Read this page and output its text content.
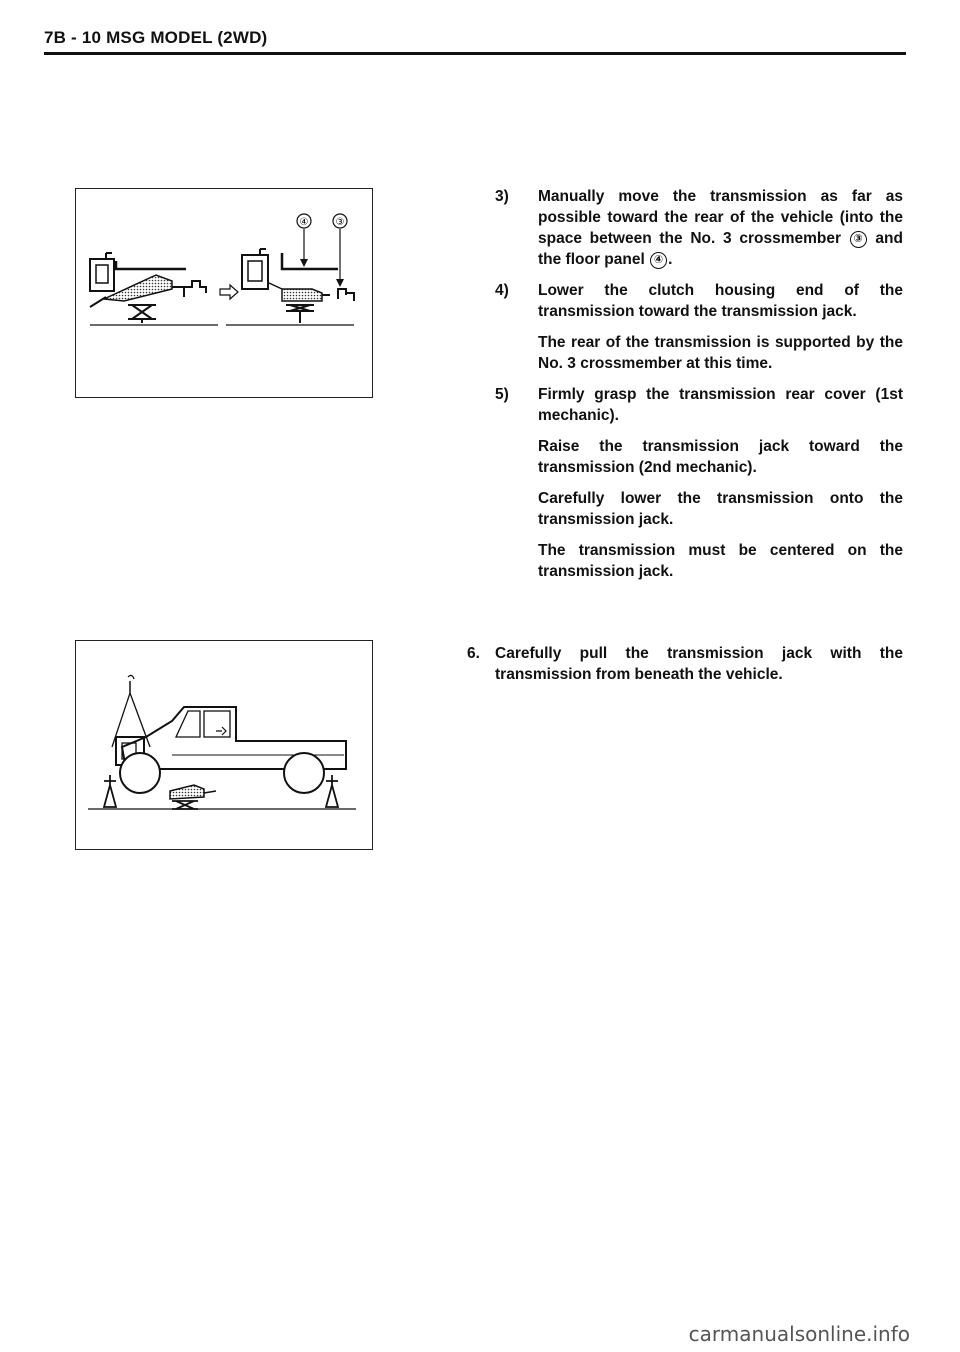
7B - 10 MSG MODEL (2WD)
④	③
3) Manually move the transmission as far as possible toward the rear of the vehicle (into the space between the No. 3 crossmember ③ and the floor panel ④ .

4) Lower the clutch housing end of the transmission toward the transmission jack.

The rear of the transmission is supported by the No. 3 crossmember at this time.

5) Firmly grasp the transmission rear cover (1st mechanic).

Raise the transmission jack toward the transmission (2nd mechanic).

Carefully lower the transmission onto the transmission jack.

The transmission must be centered on the transmission jack.

6. Carefully pull the transmission jack with the transmission from beneath the vehicle.

carmanualsonline.info
